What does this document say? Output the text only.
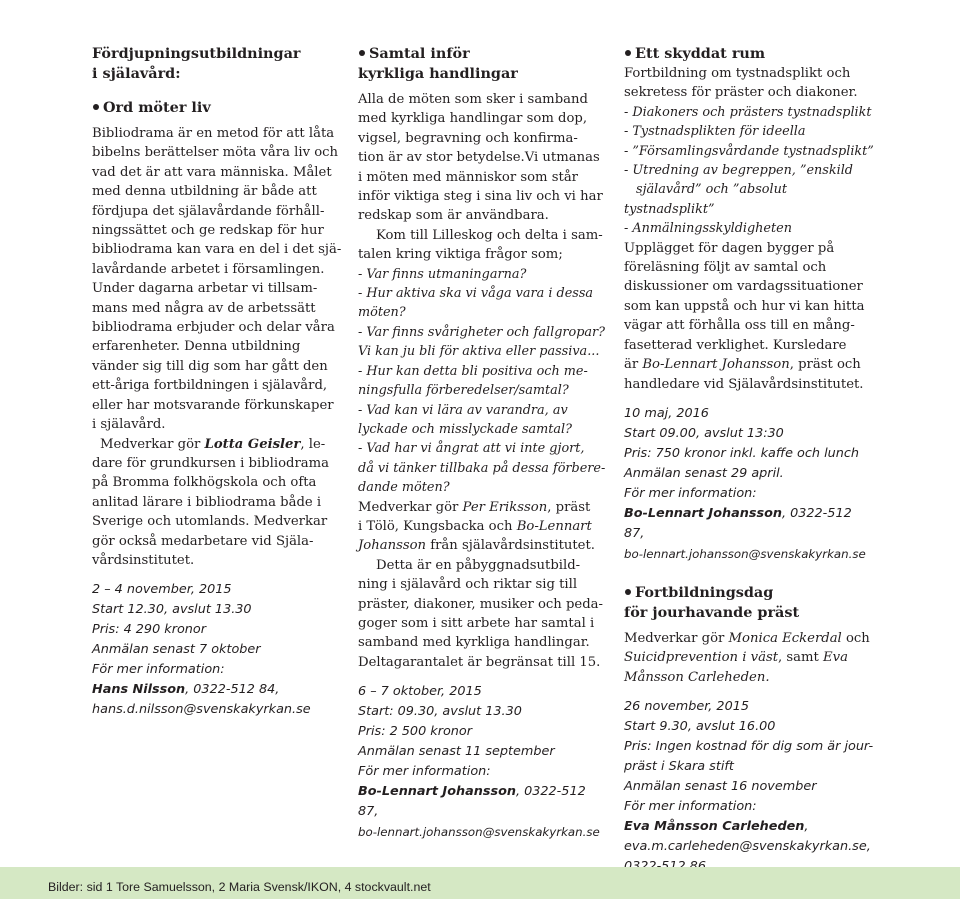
Fördjupningsutbildningar
i själavård:

Ord möter liv

Bibliodrama är en metod för att låta
bibelns berättelser möta våra liv och
vad det är att vara människa. Målet
med denna utbildning är både att
fördjupa det själavårdande förhåll-
ningssättet och ge redskap för hur
bibliodrama kan vara en del i det sjä-
lavårdande arbetet i församlingen.

Under dagarna arbetar vi tillsam-
mans med några av de arbetssätt
bibliodrama erbjuder och delar våra
erfarenheter. Denna utbildning
vänder sig till dig som har gått den
ett-åriga fortbildningen i själavård,
eller har motsvarande förkunskaper
i själavård.

Medverkar gör Lotta Geisler, le-
dare för grundkursen i bibliodrama
på Bromma folkhögskola och ofta
anlitad lärare i bibliodrama både i
Sverige och utomlands. Medverkar
gör också medarbetare vid Själa-
vårdsinstitutet.

2 – 4 november, 2015
Start 12.30, avslut 13.30
Pris: 4 290 kronor
Anmälan senast 7 oktober
För mer information:

Hans Nilsson, 0322-512 84,
hans.d.nilsson@svenskakyrkan.se

Samtal inför
kyrkliga handlingar

Alla de möten som sker i samband
med kyrkliga handlingar som dop,
vigsel, begravning och konfirma-
tion är av stor betydelse.Vi utmanas
i möten med människor som står
inför viktiga steg i sina liv och vi har
redskap som är användbara.

Kom till Lilleskog och delta i sam-
talen kring viktiga frågor som;

- Var finns utmaningarna?
- Hur aktiva ska vi våga vara i dessa
möten?
- Var finns svårigheter och fallgropar?
Vi kan ju bli för aktiva eller passiva...
- Hur kan detta bli positiva och me-
ningsfulla förberedelser/samtal?
- Vad kan vi lära av varandra, av
lyckade och misslyckade samtal?
- Vad har vi ångrat att vi inte gjort,
då vi tänker tillbaka på dessa förbere-
dande möten?

Medverkar gör Per Eriksson, präst
i Tölö, Kungsbacka och Bo-Lennart
Johansson från själavårdsinstitutet.

Detta är en påbyggnadsutbild-
ning i själavård och riktar sig till
präster, diakoner, musiker och peda-
goger som i sitt arbete har samtal i
samband med kyrkliga handlingar.
Deltagarantalet är begränsat till 15.

6 – 7 oktober, 2015
Start: 09.30, avslut 13.30
Pris: 2 500 kronor
Anmälan senast 11 september
För mer information:

Bo-Lennart Johansson, 0322-512 87,
bo-lennart.johansson@svenskakyrkan.se

Ett skyddat rum

Fortbildning om tystnadsplikt och
sekretess för präster och diakoner.

- Diakoners och prästers tystnadsplikt
- Tystnadsplikten för ideella
- ”Församlingsvårdande tystnadsplikt”
- Utredning av begreppen, ”enskild
själavård” och ”absolut tystnadsplikt”
- Anmälningsskyldigheten

Upplägget för dagen bygger på
föreläsning följt av samtal och
diskussioner om vardagssituationer
som kan uppstå och hur vi kan hitta
vägar att förhålla oss till en mång-
fasetterad verklighet. Kursledare
är Bo-Lennart Johansson, präst och
handledare vid Själavårdsinstitutet.

10 maj, 2016
Start 09.00, avslut 13:30
Pris: 750 kronor inkl. kaffe och lunch
Anmälan senast 29 april.
För mer information:

Bo-Lennart Johansson, 0322-512 87,
bo-lennart.johansson@svenskakyrkan.se

Fortbildningsdag
för jourhavande präst

Medverkar gör Monica Eckerdal och
Suicidprevention i väst, samt Eva
Månsson Carleheden.

26 november, 2015
Start 9.30, avslut 16.00
Pris: Ingen kostnad för dig som är jour-
präst i Skara stift
Anmälan senast 16 november
För mer information:

Eva Månsson Carleheden,
eva.m.carleheden@svenskakyrkan.se,

Bilder: sid 1 Tore Samuelsson, 2 Maria Svensk/IKON, 4 stockvault.net
